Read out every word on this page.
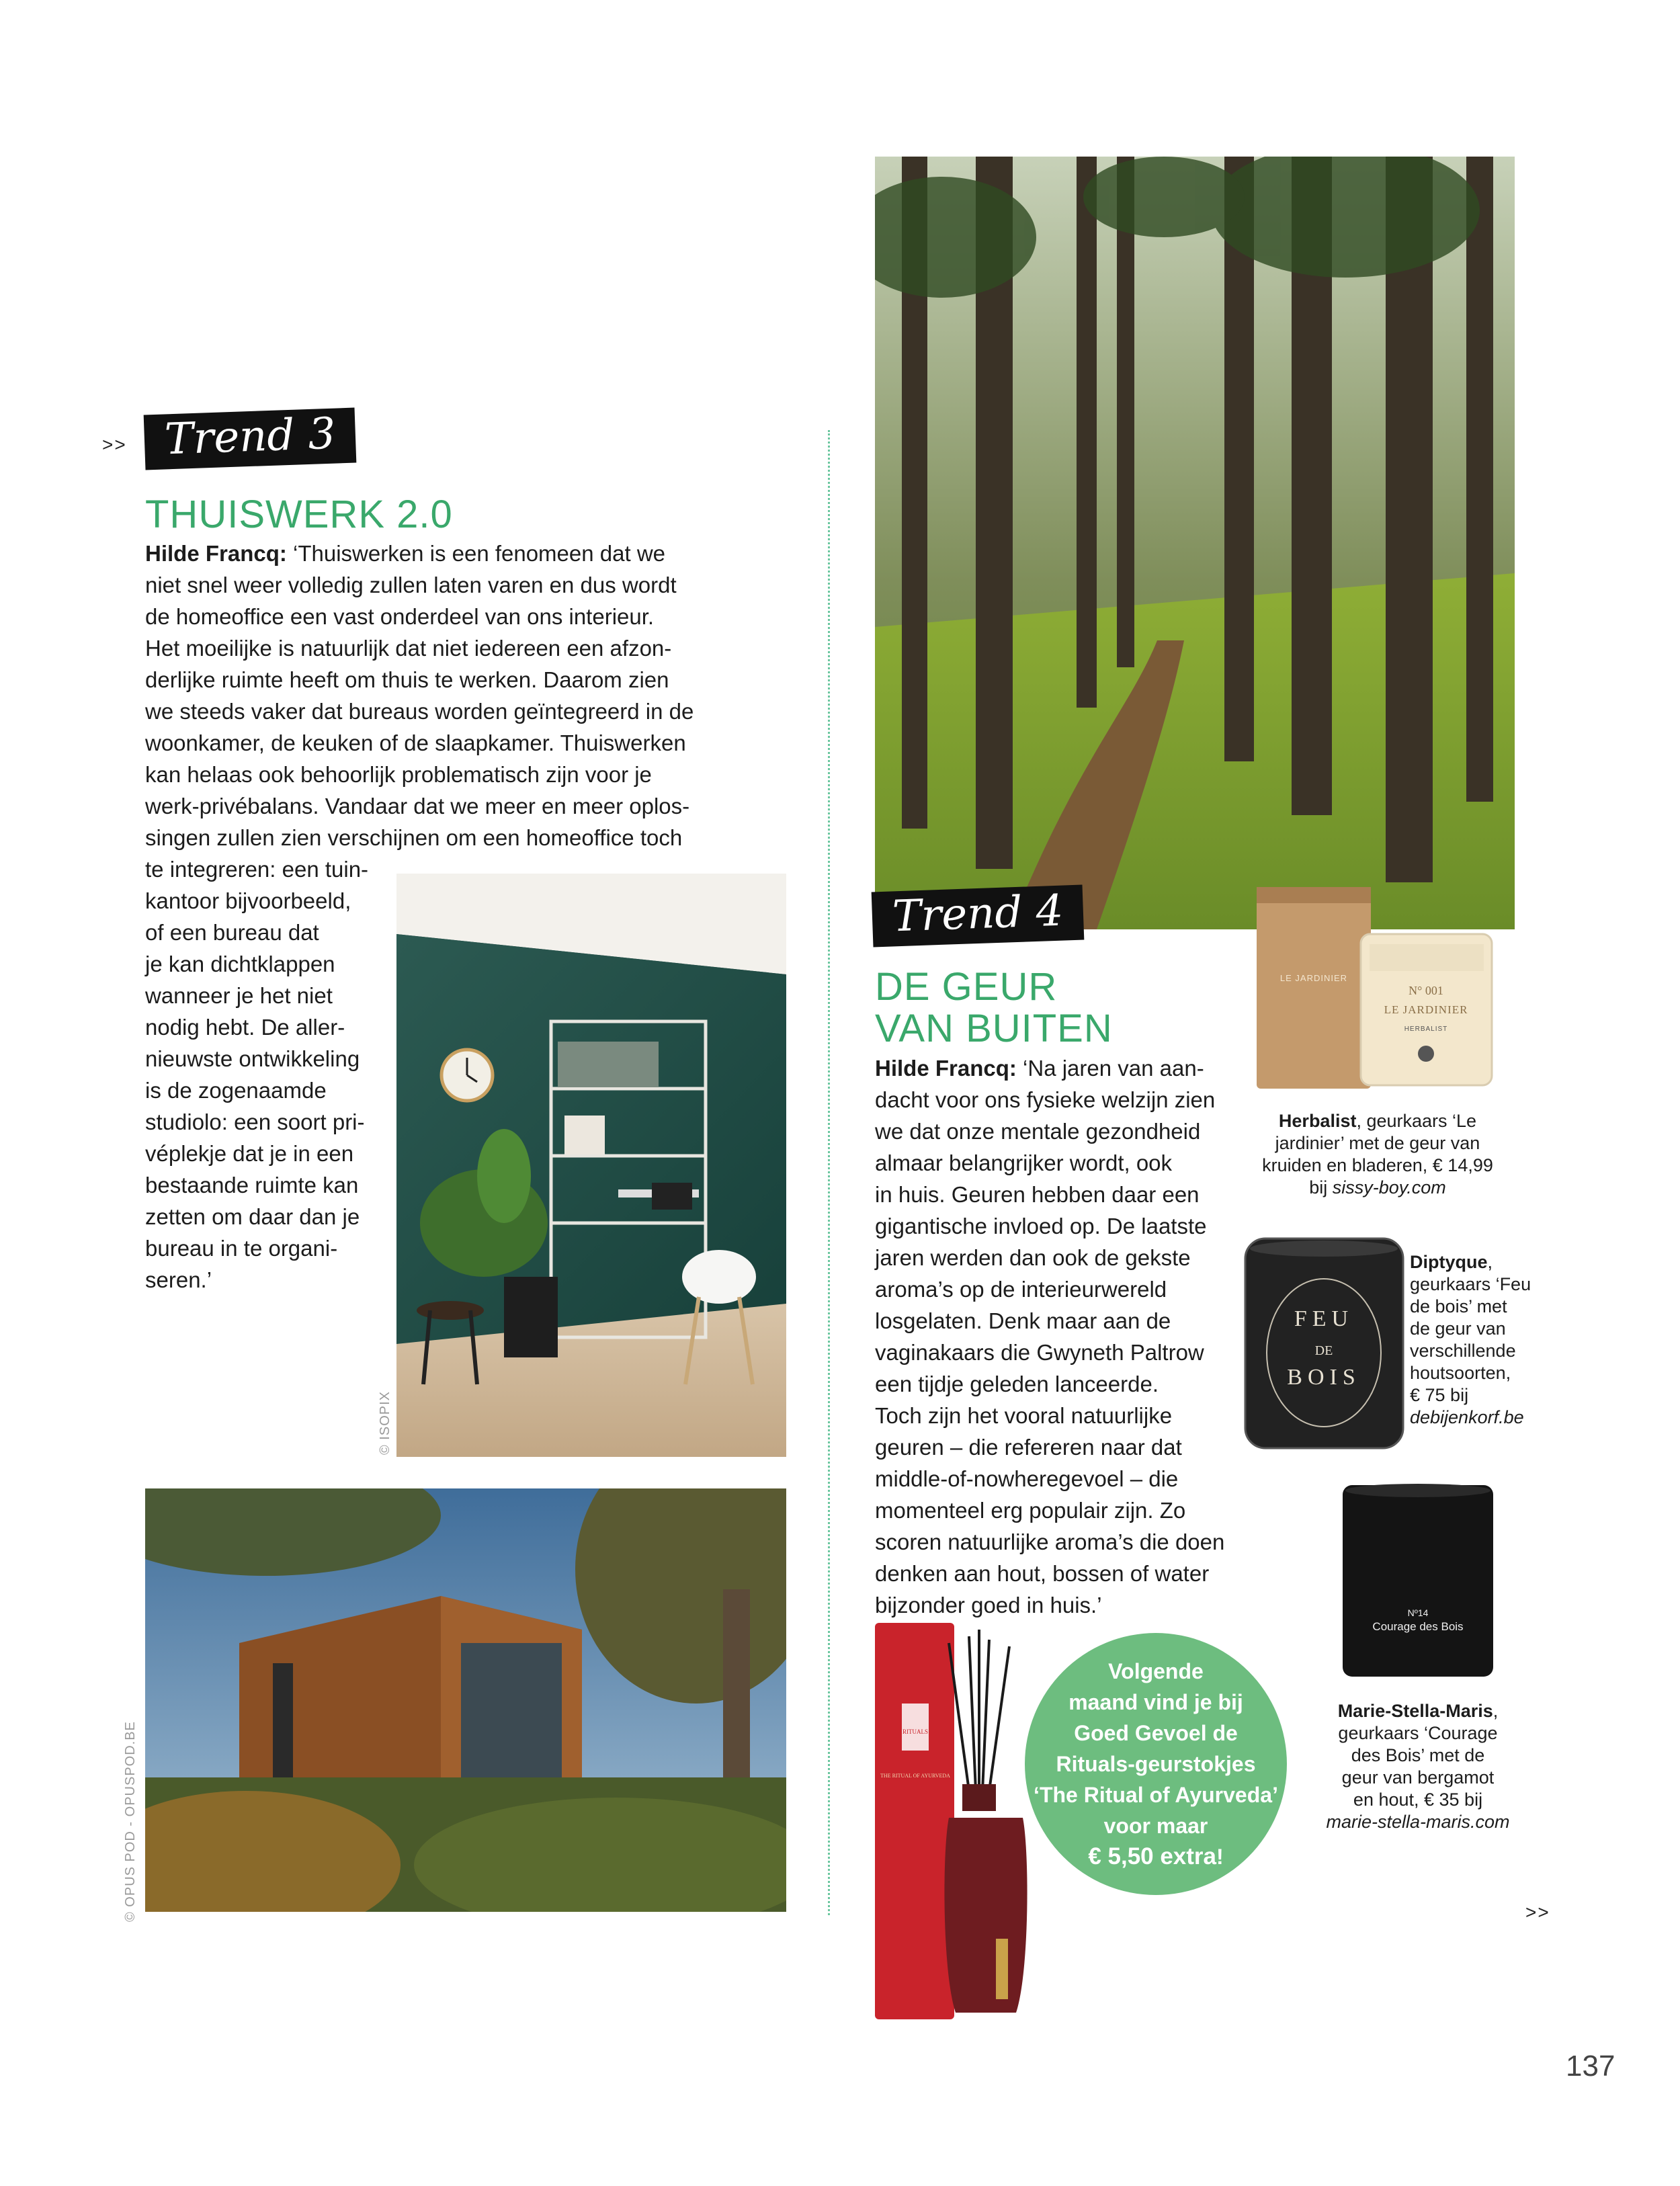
>> Trend 3
THUISWERK 2.0
Hilde Francq: ‘Thuiswerken is een fenomeen dat we
niet snel weer volledig zullen laten varen en dus wordt
de homeoffice een vast onderdeel van ons interieur.
Het moeilijke is natuurlijk dat niet iedereen een afzon-
derlijke ruimte heeft om thuis te werken. Daarom zien
we steeds vaker dat bureaus worden geïntegreerd in de
woonkamer, de keuken of de slaapkamer. Thuiswerken
kan helaas ook behoorlijk problematisch zijn voor je
werk-privébalans. Vandaar dat we meer en meer oplos-
singen zullen zien verschijnen om een homeoffice toch
te integreren: een tuin-
kantoor bijvoorbeeld,
of een bureau dat
je kan dichtklappen
wanneer je het niet
nodig hebt. De aller-
nieuwste ontwikkeling
is de zogenaamde
studiolo: een soort pri-
véplekje dat je in een
bestaande ruimte kan
zetten om daar dan je
bureau in te organi-
seren.’
© ISOPIX
© OPUS POD - OPUSPOD.BE
Trend 4
DE GEUR
VAN BUITEN
Hilde Francq: ‘Na jaren van aan-
dacht voor ons fysieke welzijn zien
we dat onze mentale gezondheid
almaar belangrijker wordt, ook
in huis. Geuren hebben daar een
gigantische invloed op. De laatste
jaren werden dan ook de gekste
aroma’s op de interieurwereld
losgelaten. Denk maar aan de
vaginakaars die Gwyneth Paltrow
een tijdje geleden lanceerde.
Toch zijn het vooral natuurlijke
geuren – die refereren naar dat
middle-of-nowheregevoel – die
momenteel erg populair zijn. Zo
scoren natuurlijke aroma’s die doen
denken aan hout, bossen of water
bijzonder goed in huis.’
LE JARDINIER
N° 001
LE JARDINIER
HERBALIST
Herbalist, geurkaars ‘Le
jardinier’ met de geur van
kruiden en bladeren, € 14,99
bij sissy-boy.com
FEU
DE
BOIS
Diptyque,
geurkaars ‘Feu
de bois’ met
de geur van
verschillende
houtsoorten,
€ 75 bij
debijenkorf.be
Nº14
Courage des Bois
Marie-Stella-Maris,
geurkaars ‘Courage
des Bois’ met de
geur van bergamot
en hout, € 35 bij
marie-stella-maris.com
RITUALS
THE RITUAL OF AYURVEDA
Volgende
maand vind je bij
Goed Gevoel de
Rituals-geurstokjes
‘The Ritual of Ayurveda’
voor maar
€ 5,50 extra!
>>
137
